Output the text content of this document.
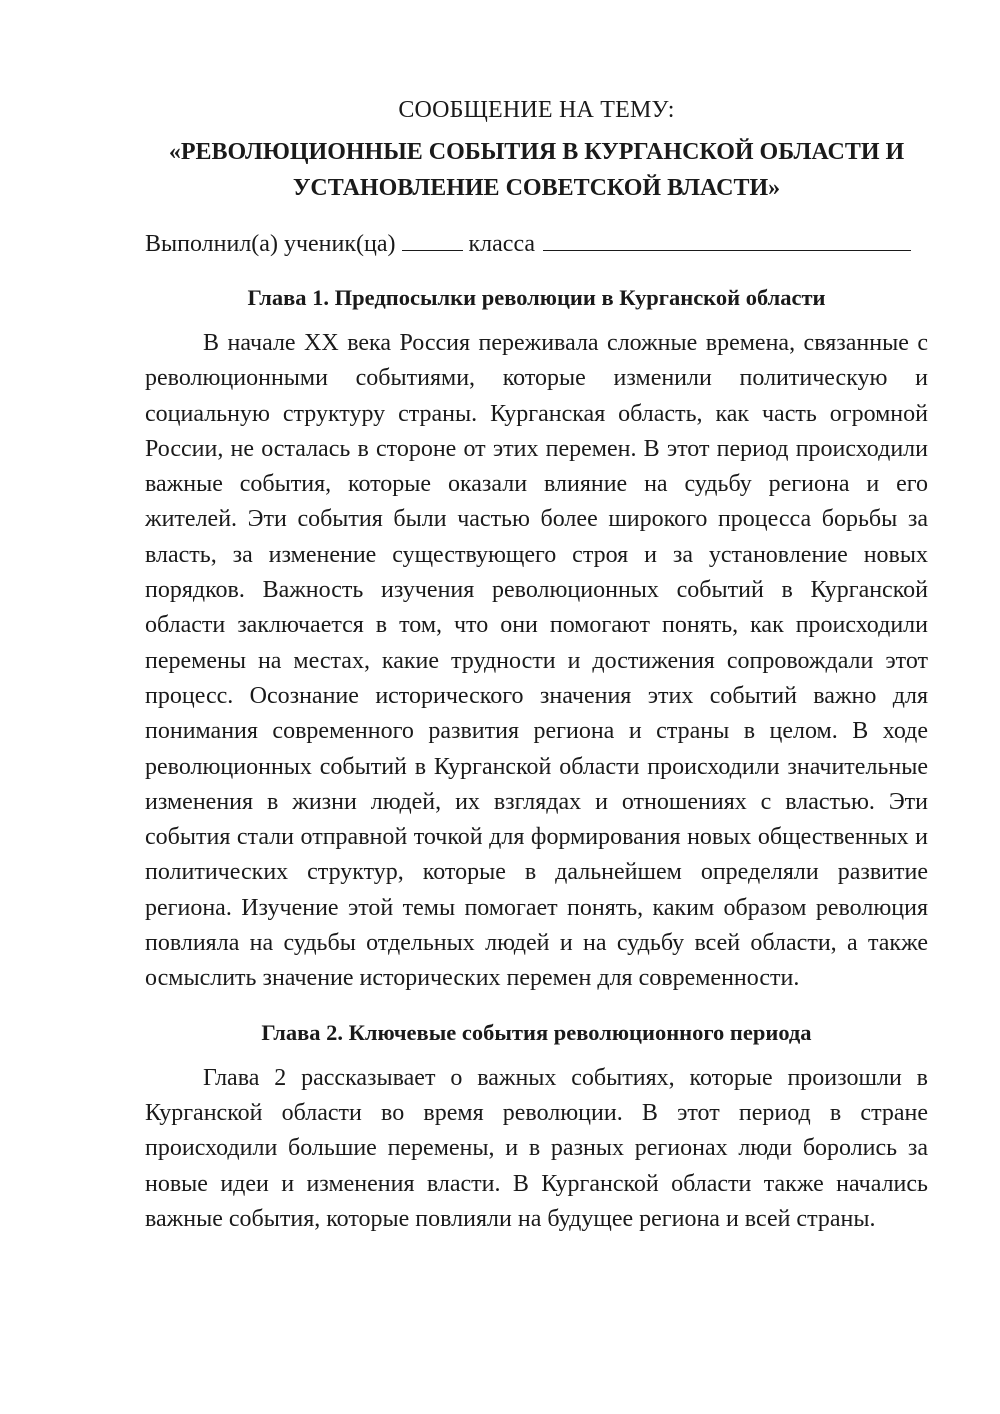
СООБЩЕНИЕ НА ТЕМУ:

«РЕВОЛЮЦИОННЫЕ СОБЫТИЯ В КУРГАНСКОЙ ОБЛАСТИ И УСТАНОВЛЕНИЕ СОВЕТСКОЙ ВЛАСТИ»

Выполнил(а) ученик(ца)	класса

Глава 1. Предпосылки революции в Курганской области

В начале XX века Россия переживала сложные времена, связанные с революционными событиями, которые изменили политическую и социальную структуру страны. Курганская область, как часть огромной России, не осталась в стороне от этих перемен. В этот период происходили важные события, которые оказали влияние на судьбу региона и его жителей. Эти события были частью более широкого процесса борьбы за власть, за изменение существующего строя и за установление новых порядков. Важность изучения революционных событий в Курганской области заключается в том, что они помогают понять, как происходили перемены на местах, какие трудности и достижения сопровождали этот процесс. Осознание исторического значения этих событий важно для понимания современного развития региона и страны в целом. В ходе революционных событий в Курганской области происходили значительные изменения в жизни людей, их взглядах и отношениях с властью. Эти события стали отправной точкой для формирования новых общественных и политических структур, которые в дальнейшем определяли развитие региона. Изучение этой темы помогает понять, каким образом революция повлияла на судьбы отдельных людей и на судьбу всей области, а также осмыслить значение исторических перемен для современности.

Глава 2. Ключевые события революционного периода

Глава 2 рассказывает о важных событиях, которые произошли в Курганской области во время революции. В этот период в стране происходили большие перемены, и в разных регионах люди боролись за новые идеи и изменения власти. В Курганской области также начались важные события, которые повлияли на будущее региона и всей страны.
